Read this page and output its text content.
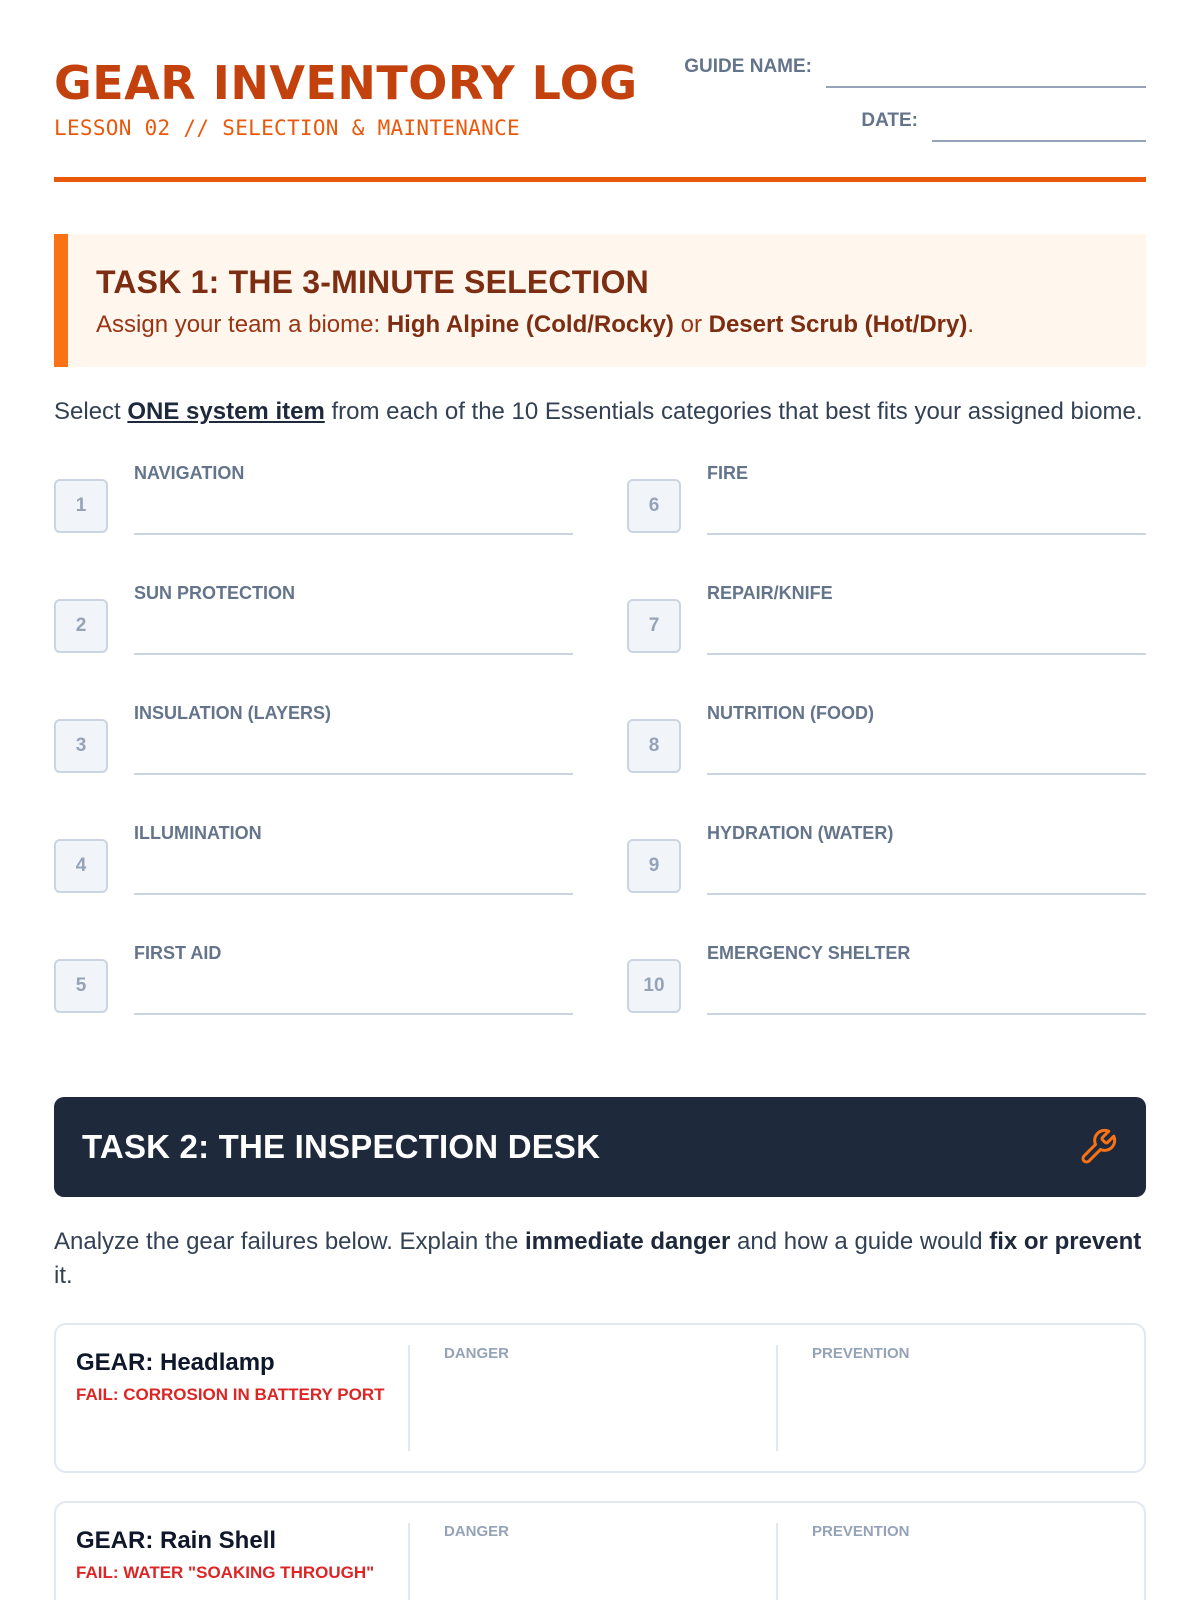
GEAR INVENTORY LOG
LESSON 02 // SELECTION & MAINTENANCE
GUIDE NAME:
DATE:
TASK 1: THE 3-MINUTE SELECTION

Assign your team a biome: High Alpine (Cold/Rocky) or Desert Scrub (Hot/Dry).

Select ONE system item from each of the 10 Essentials categories that best fits your assigned biome.

1
NAVIGATION
6
FIRE
2
SUN PROTECTION
7
REPAIR/KNIFE
3
INSULATION (LAYERS)
8
NUTRITION (FOOD)
4
ILLUMINATION
9
HYDRATION (WATER)
5
FIRST AID
10
EMERGENCY SHELTER
TASK 2: THE INSPECTION DESK

Analyze the gear failures below. Explain the immediate danger and how a guide would fix or prevent it.

GEAR: Headlamp
FAIL: CORROSION IN BATTERY PORT
DANGER	PREVENTION
GEAR: Rain Shell
FAIL: WATER "SOAKING THROUGH"
DANGER	PREVENTION
